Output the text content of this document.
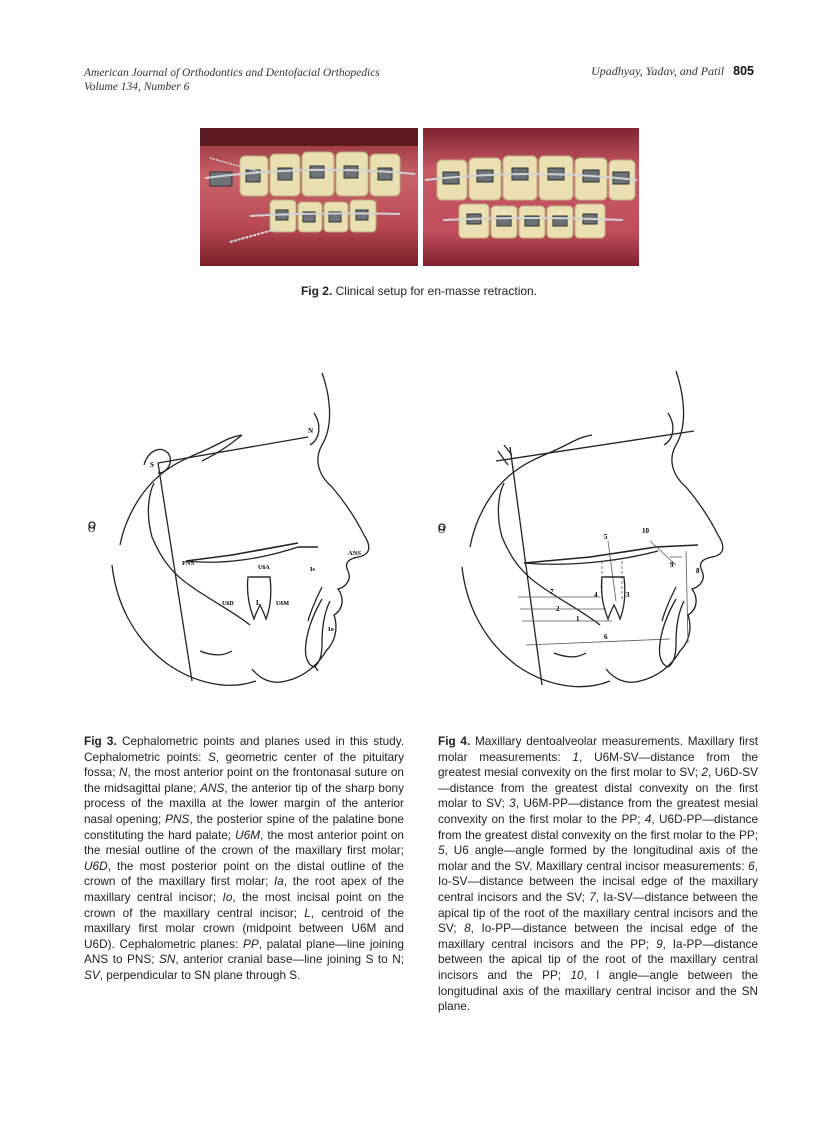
American Journal of Orthodontics and Dentofacial Orthopedics
Volume 134, Number 6
Upadhyay, Yadav, and Patil 805
Fig 2. Clinical setup for en-masse retraction.
O
S
N
PNS
ANS
U6A	Is
U6D	L	U6M
Io
O
7
2
1
6
5
10
4	3
9
8
Fig 3. Cephalometric points and planes used in this study. Cephalometric points: S, geometric center of the pituitary fossa; N, the most anterior point on the frontonasal suture on the midsagittal plane; ANS, the anterior tip of the sharp bony process of the maxilla at the lower margin of the anterior nasal opening; PNS, the posterior spine of the palatine bone constituting the hard palate; U6M, the most anterior point on the mesial outline of the crown of the maxillary first molar; U6D, the most posterior point on the distal outline of the crown of the maxillary first molar; Ia, the root apex of the maxillary central incisor; Io, the most incisal point on the crown of the maxillary central incisor; L, centroid of the maxillary first molar crown (midpoint between U6M and U6D). Cephalometric planes: PP, palatal plane—line joining ANS to PNS; SN, anterior cranial base—line joining S to N; SV, perpendicular to SN plane through S.
Fig 4. Maxillary dentoalveolar measurements. Maxillary first molar measurements: 1, U6M-SV—distance from the greatest mesial convexity on the first molar to SV; 2, U6D-SV—distance from the greatest distal convexity on the first molar to SV; 3, U6M-PP—distance from the greatest mesial convexity on the first molar to the PP; 4, U6D-PP—distance from the greatest distal convexity on the first molar to the PP; 5, U6 angle—angle formed by the longitudinal axis of the molar and the SV. Maxillary central incisor measurements: 6, Io-SV—distance between the incisal edge of the maxillary central incisors and the SV; 7, Ia-SV—distance between the apical tip of the root of the maxillary central incisors and the SV; 8, Io-PP—distance between the incisal edge of the maxillary central incisors and the PP; 9, Ia-PP—distance between the apical tip of the root of the maxillary central incisors and the PP; 10, I angle—angle between the longitudinal axis of the maxillary central incisor and the SN plane.
